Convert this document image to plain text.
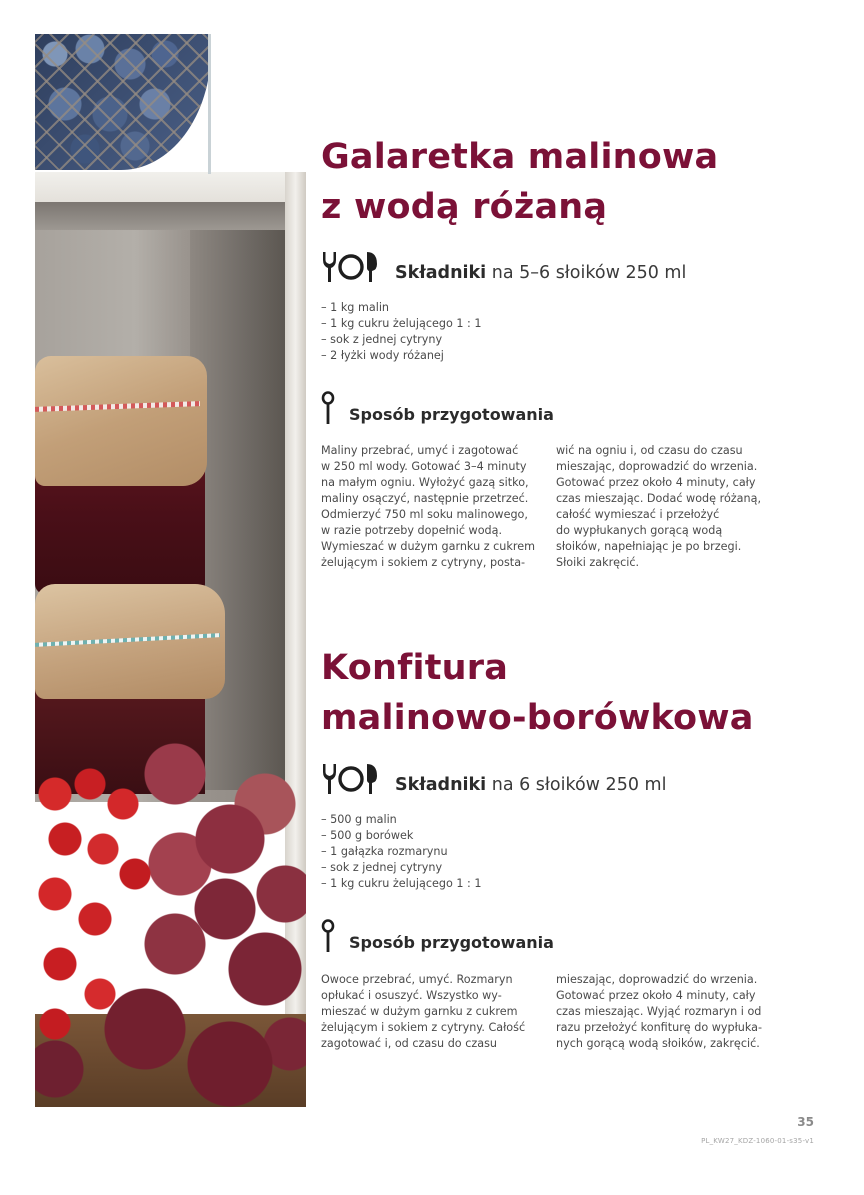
Galaretka malinowa
z wodą różaną
Składniki na 5–6 słoików 250 ml
– 1 kg malin
– 1 kg cukru żelującego 1 : 1
– sok z jednej cytryny
– 2 łyżki wody różanej
Sposób przygotowania
Maliny przebrać, umyć i zagotować
w 250 ml wody. Gotować 3–4 minuty
na małym ogniu. Wyłożyć gazą sitko,
maliny osączyć, następnie przetrzeć.
Odmierzyć 750 ml soku malinowego,
w razie potrzeby dopełnić wodą.
Wymieszać w dużym garnku z cukrem
żelującym i sokiem z cytryny, posta-
wić na ogniu i, od czasu do czasu
mieszając, doprowadzić do wrzenia.
Gotować przez około 4 minuty, cały
czas mieszając. Dodać wodę różaną,
całość wymieszać i przełożyć
do wypłukanych gorącą wodą
słoików, napełniając je po brzegi.
Słoiki zakręcić.
Konfitura
malinowo-borówkowa
Składniki na 6 słoików 250 ml
– 500 g malin
– 500 g borówek
– 1 gałązka rozmarynu
– sok z jednej cytryny
– 1 kg cukru żelującego 1 : 1
Sposób przygotowania
Owoce przebrać, umyć. Rozmaryn
opłukać i osuszyć. Wszystko wy-
mieszać w dużym garnku z cukrem
żelującym i sokiem z cytryny. Całość
zagotować i, od czasu do czasu
mieszając, doprowadzić do wrzenia.
Gotować przez około 4 minuty, cały
czas mieszając. Wyjąć rozmaryn i od
razu przełożyć konfiturę do wypłuka-
nych gorącą wodą słoików, zakręcić.
35
PL_KW27_KDZ-1060-01-s35-v1
